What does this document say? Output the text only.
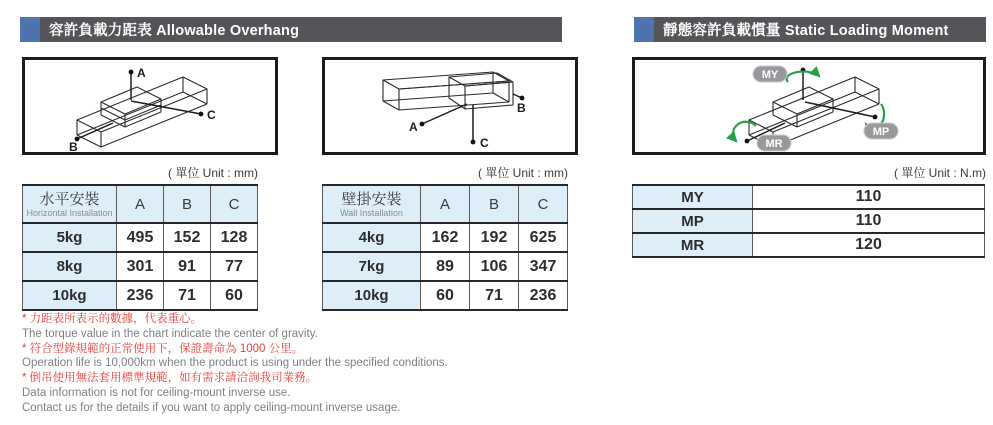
容許負載力距表 Allowable Overhang	靜態容許負載慣量 Static Loading Moment
A
C
B
B
A
C
MY
MP
MR
( 單位 Unit : mm)	( 單位 Unit : mm)	( 單位 Unit : N.m)
水平安裝
Horizontal Installation	A	B	C
5kg	495	152	128
8kg	301	91	77
10kg	236	71	60
壁掛安裝
Wall Installation	A	B	C
4kg	162	192	625
7kg	89	106	347
10kg	60	71	236
MY	110
MP	110
MR	120
* 力距表所表示的數據，代表重心。
The torque value in the chart indicate the center of gravity.
* 符合型錄規範的正常使用下，保證壽命為 1000 公里。
Operation life is 10,000km when the product is using under the specified conditions.
* 倒吊使用無法套用標準規範，如有需求請洽詢我司業務。
Data information is not for ceiling-mount inverse use.
Contact us for the details if you want to apply ceiling-mount inverse usage.
